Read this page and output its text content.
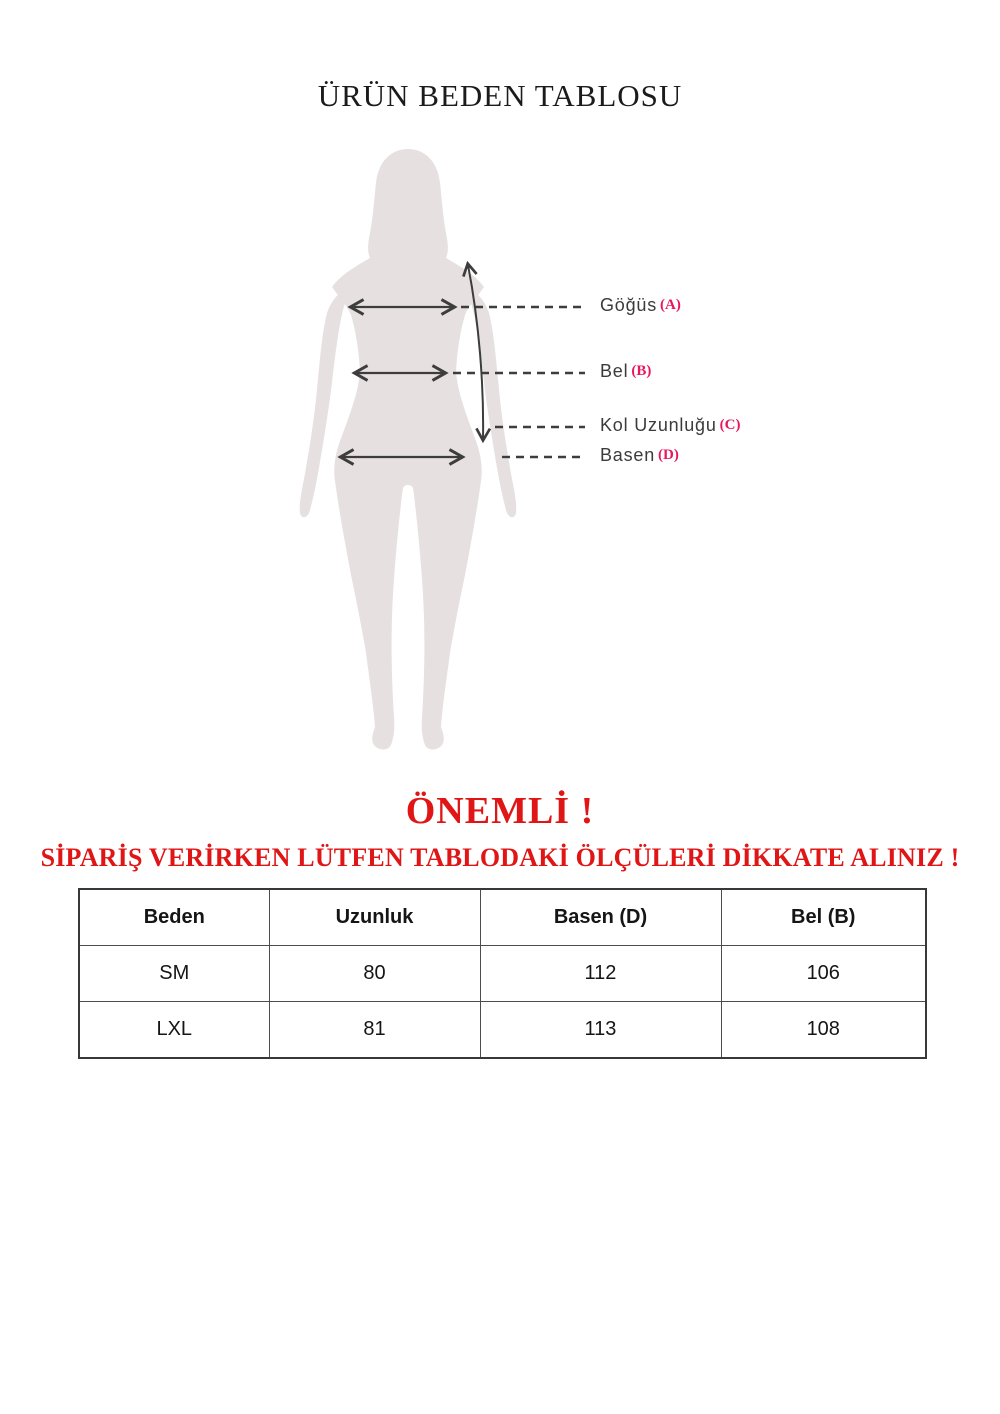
ÜRÜN BEDEN TABLOSU
Göğüs (A)
Bel (B)
Kol Uzunluğu (C)
Basen (D)
ÖNEMLİ !
SİPARİŞ VERİRKEN LÜTFEN TABLODAKİ ÖLÇÜLERİ DİKKATE ALINIZ !
Beden	Uzunluk	Basen (D)	Bel (B)
SM	80	112	106
LXL	81	113	108
